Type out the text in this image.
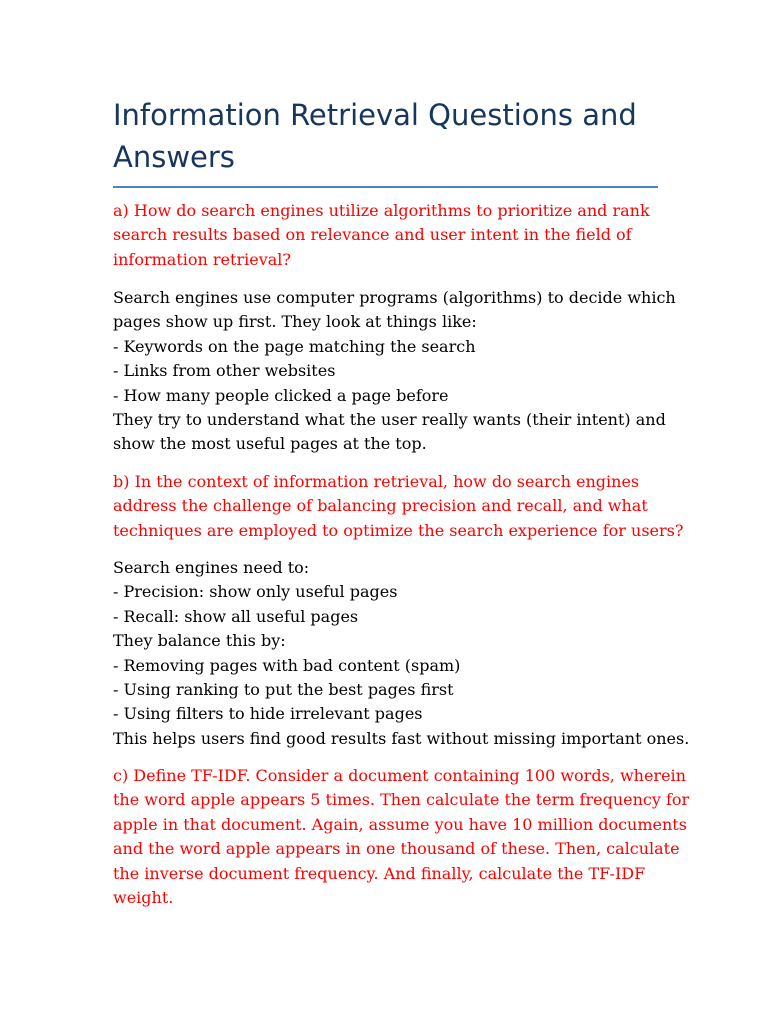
Information Retrieval Questions and
Answers

a) How do search engines utilize algorithms to prioritize and rank
search results based on relevance and user intent in the field of
information retrieval?

Search engines use computer programs (algorithms) to decide which
pages show up first. They look at things like:
- Keywords on the page matching the search
- Links from other websites
- How many people clicked a page before
They try to understand what the user really wants (their intent) and
show the most useful pages at the top.

b) In the context of information retrieval, how do search engines
address the challenge of balancing precision and recall, and what
techniques are employed to optimize the search experience for users?

Search engines need to:
- Precision: show only useful pages
- Recall: show all useful pages
They balance this by:
- Removing pages with bad content (spam)
- Using ranking to put the best pages first
- Using filters to hide irrelevant pages
This helps users find good results fast without missing important ones.

c) Define TF-IDF. Consider a document containing 100 words, wherein
the word apple appears 5 times. Then calculate the term frequency for
apple in that document. Again, assume you have 10 million documents
and the word apple appears in one thousand of these. Then, calculate
the inverse document frequency. And finally, calculate the TF-IDF
weight.
